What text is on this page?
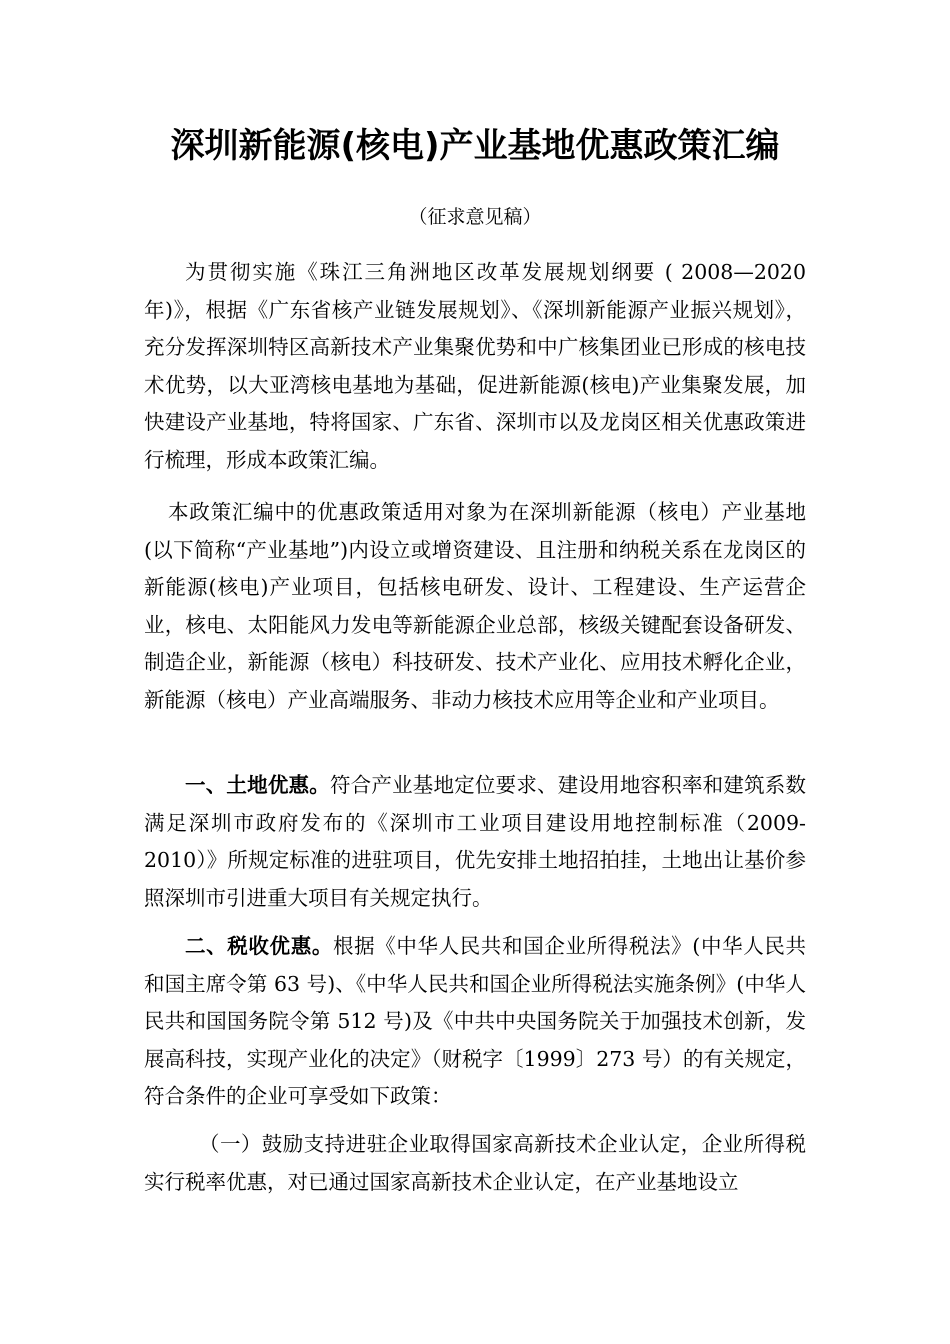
深圳新能源(核电)产业基地优惠政策汇编
（征求意见稿）

为贯彻实施《珠江三角洲地区改革发展规划纲要 ( 2008—2020年)》，根据《广东省核产业链发展规划》、《深圳新能源产业振兴规划》，充分发挥深圳特区高新技术产业集聚优势和中广核集团业已形成的核电技术优势，以大亚湾核电基地为基础，促进新能源(核电)产业集聚发展，加快建设产业基地，特将国家、广东省、深圳市以及龙岗区相关优惠政策进行梳理，形成本政策汇编。

本政策汇编中的优惠政策适用对象为在深圳新能源（核电）产业基地 (以下简称“产业基地”)内设立或增资建设、且注册和纳税关系在龙岗区的新能源(核电)产业项目，包括核电研发、设计、工程建设、生产运营企业，核电、太阳能风力发电等新能源企业总部，核级关键配套设备研发、制造企业，新能源（核电）科技研发、技术产业化、应用技术孵化企业，新能源（核电）产业高端服务、非动力核技术应用等企业和产业项目。

一、土地优惠。符合产业基地定位要求、建设用地容积率和建筑系数满足深圳市政府发布的《深圳市工业项目建设用地控制标准（2009-2010）》所规定标准的进驻项目，优先安排土地招拍挂，土地出让基价参照深圳市引进重大项目有关规定执行。

二、税收优惠。根据《中华人民共和国企业所得税法》(中华人民共和国主席令第 63 号)、《中华人民共和国企业所得税法实施条例》(中华人民共和国国务院令第 512 号)及《中共中央国务院关于加强技术创新，发展高科技，实现产业化的决定》（财税字〔1999〕273 号）的有关规定，符合条件的企业可享受如下政策：

（一）鼓励支持进驻企业取得国家高新技术企业认定，企业所得税实行税率优惠，对已通过国家高新技术企业认定，在产业基地设立
